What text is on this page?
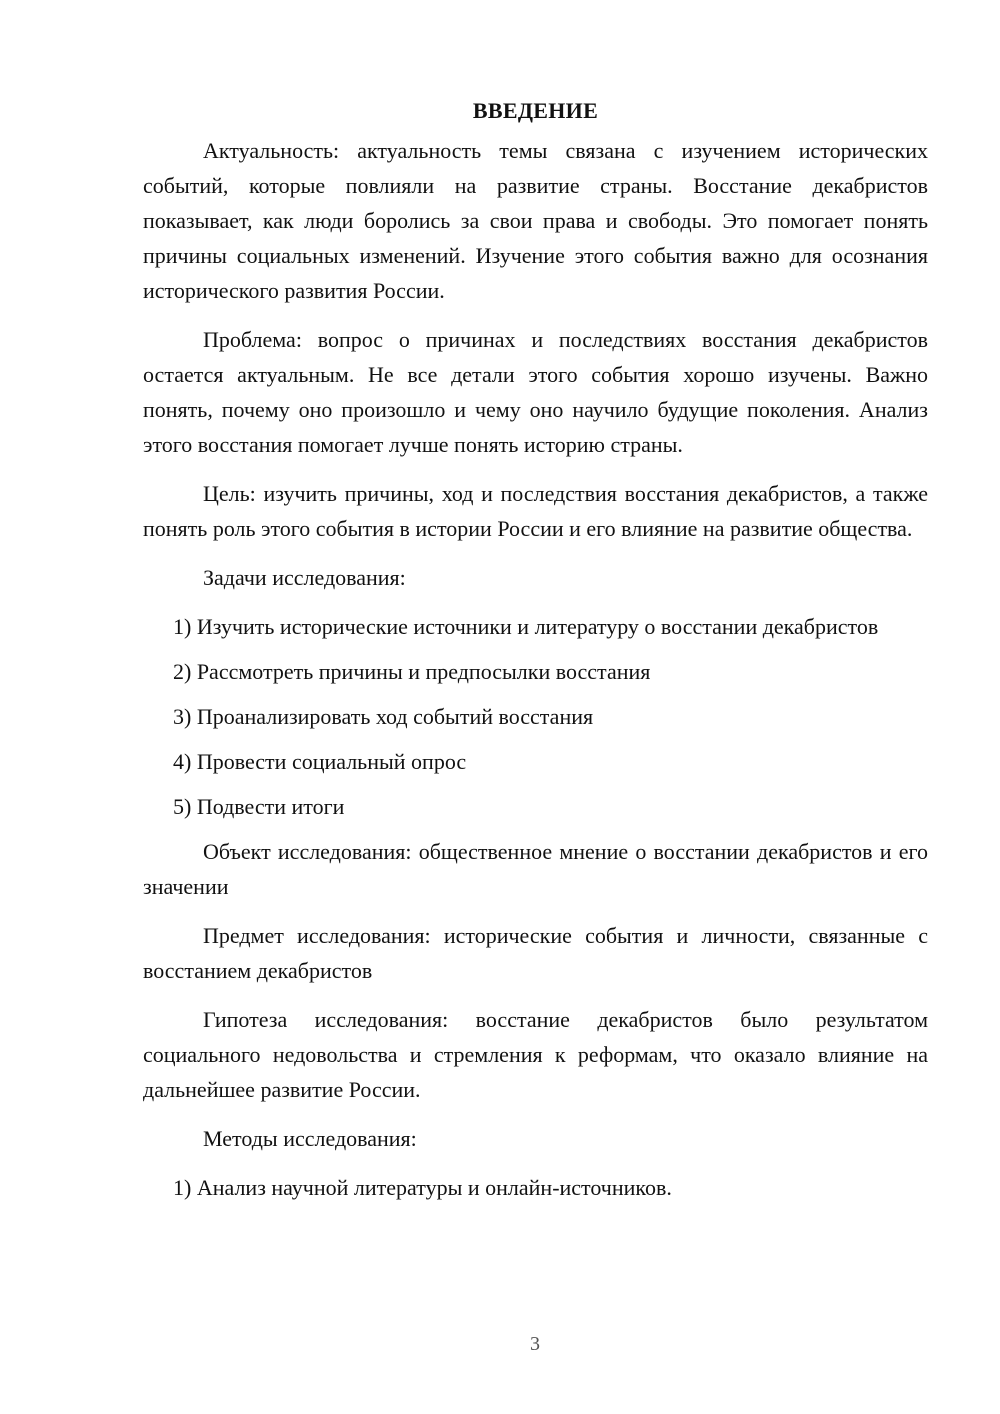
ВВЕДЕНИЕ

Актуальность: актуальность темы связана с изучением исторических событий, которые повлияли на развитие страны. Восстание декабристов показывает, как люди боролись за свои права и свободы. Это помогает понять причины социальных изменений. Изучение этого события важно для осознания исторического развития России.

Проблема: вопрос о причинах и последствиях восстания декабристов остается актуальным. Не все детали этого события хорошо изучены. Важно понять, почему оно произошло и чему оно научило будущие поколения. Анализ этого восстания помогает лучше понять историю страны.

Цель: изучить причины, ход и последствия восстания декабристов, а также понять роль этого события в истории России и его влияние на развитие общества.

Задачи исследования:

1) Изучить исторические источники и литературу о восстании декабристов

2) Рассмотреть причины и предпосылки восстания

3) Проанализировать ход событий восстания

4) Провести социальный опрос

5) Подвести итоги

Объект исследования: общественное мнение о восстании декабристов и его значении

Предмет исследования: исторические события и личности, связанные с восстанием декабристов

Гипотеза исследования: восстание декабристов было результатом социального недовольства и стремления к реформам, что оказало влияние на дальнейшее развитие России.

Методы исследования:

1) Анализ научной литературы и онлайн-источников.

3
